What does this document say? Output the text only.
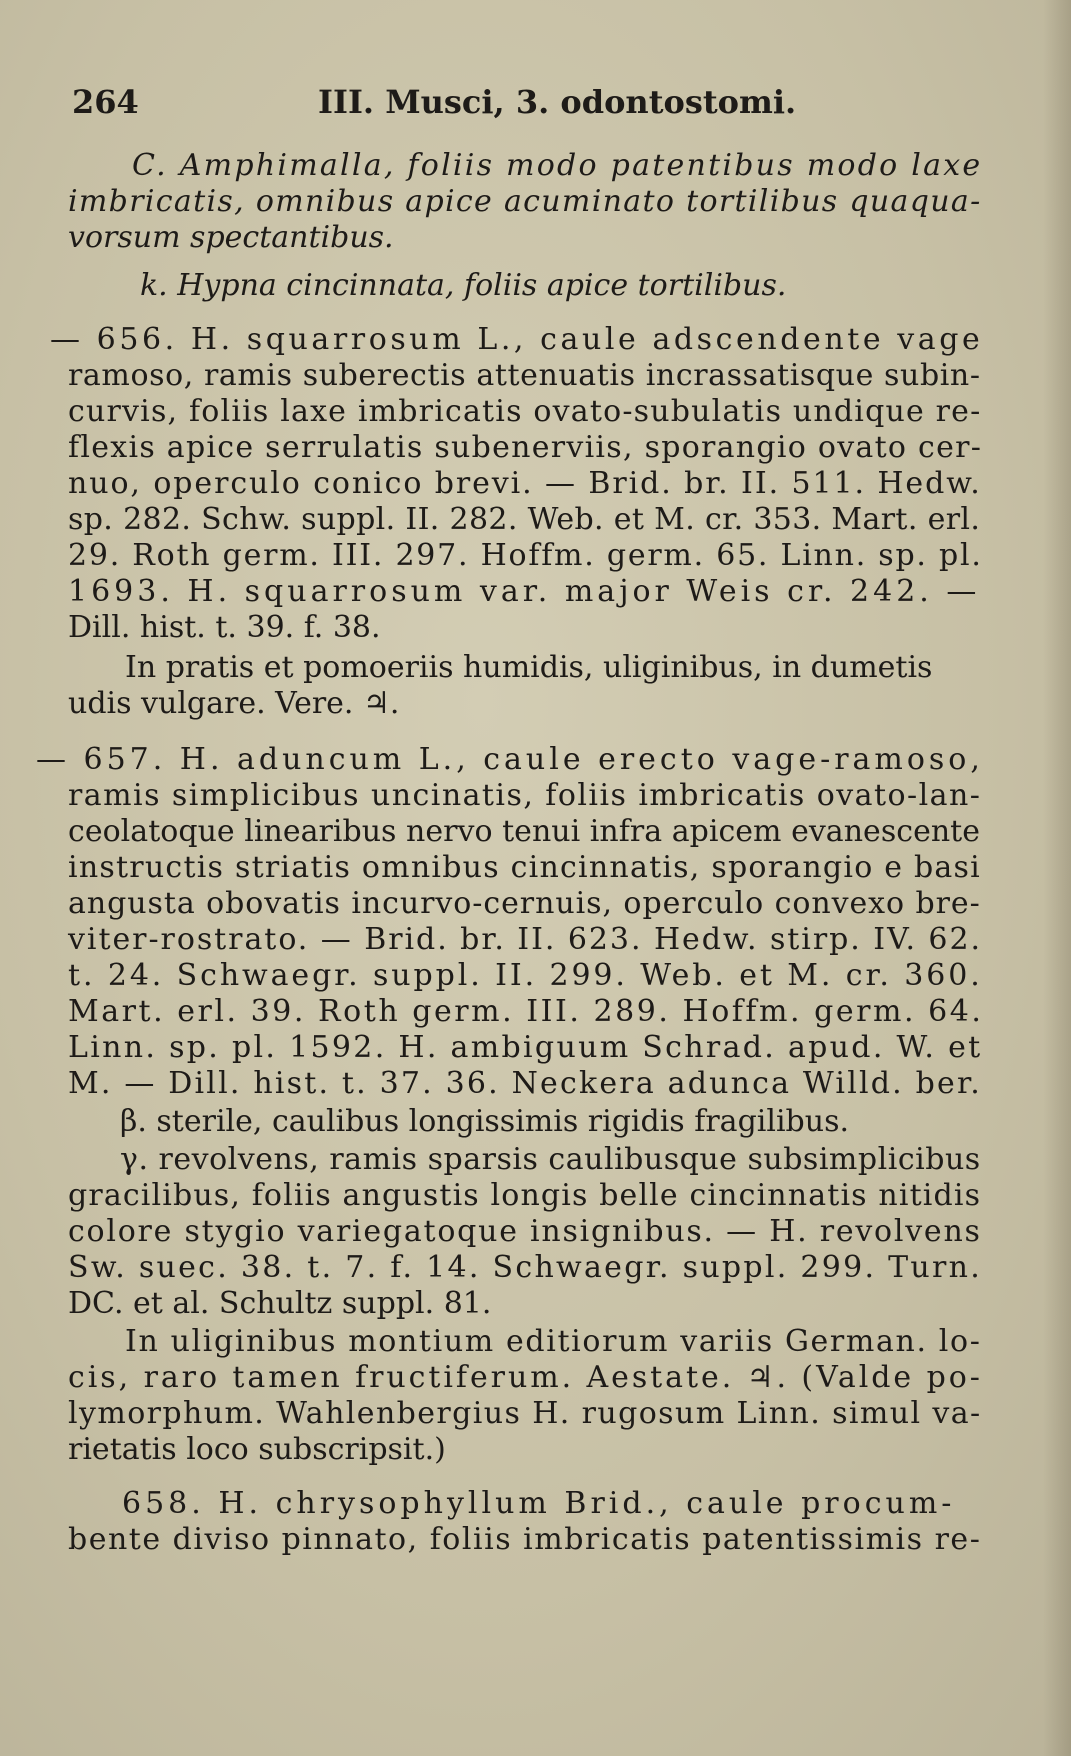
264	III. Musci, 3. odontostomi.
C. Amphimalla, foliis modo patentibus modo laxe
imbricatis, omnibus apice acuminato tortilibus quaqua-
vorsum spectantibus.
k. Hypna cincinnata, foliis apice tortilibus.
— 656. H. squarrosum L., caule adscendente vage
ramoso, ramis suberectis attenuatis incrassatisque subin-
curvis, foliis laxe imbricatis ovato-subulatis undique re-
flexis apice serrulatis subenerviis, sporangio ovato cer-
nuo, operculo conico brevi. — Brid. br. II. 511. Hedw.
sp. 282. Schw. suppl. II. 282. Web. et M. cr. 353. Mart. erl.
29. Roth germ. III. 297. Hoffm. germ. 65. Linn. sp. pl.
1693. H. squarrosum var. major Weis cr. 242. —
Dill. hist. t. 39. f. 38.
In pratis et pomoeriis humidis, uliginibus, in dumetis
udis vulgare. Vere. ♃.
— 657. H. aduncum L., caule erecto vage-ramoso,
ramis simplicibus uncinatis, foliis imbricatis ovato-lan-
ceolatoque linearibus nervo tenui infra apicem evanescente
instructis striatis omnibus cincinnatis, sporangio e basi
angusta obovatis incurvo-cernuis, operculo convexo bre-
viter-rostrato. — Brid. br. II. 623. Hedw. stirp. IV. 62.
t. 24. Schwaegr. suppl. II. 299. Web. et M. cr. 360.
Mart. erl. 39. Roth germ. III. 289. Hoffm. germ. 64.
Linn. sp. pl. 1592. H. ambiguum Schrad. apud. W. et
M. — Dill. hist. t. 37. 36. Neckera adunca Willd. ber.
β. sterile, caulibus longissimis rigidis fragilibus.
γ. revolvens, ramis sparsis caulibusque subsimplicibus
gracilibus, foliis angustis longis belle cincinnatis nitidis
colore stygio variegatoque insignibus. — H. revolvens
Sw. suec. 38. t. 7. f. 14. Schwaegr. suppl. 299. Turn.
DC. et al. Schultz suppl. 81.
In uliginibus montium editiorum variis German. lo-
cis, raro tamen fructiferum. Aestate. ♃. (Valde po-
lymorphum. Wahlenbergius H. rugosum Linn. simul va-
rietatis loco subscripsit.)
658. H. chrysophyllum Brid., caule procum-
bente diviso pinnato, foliis imbricatis patentissimis re-
